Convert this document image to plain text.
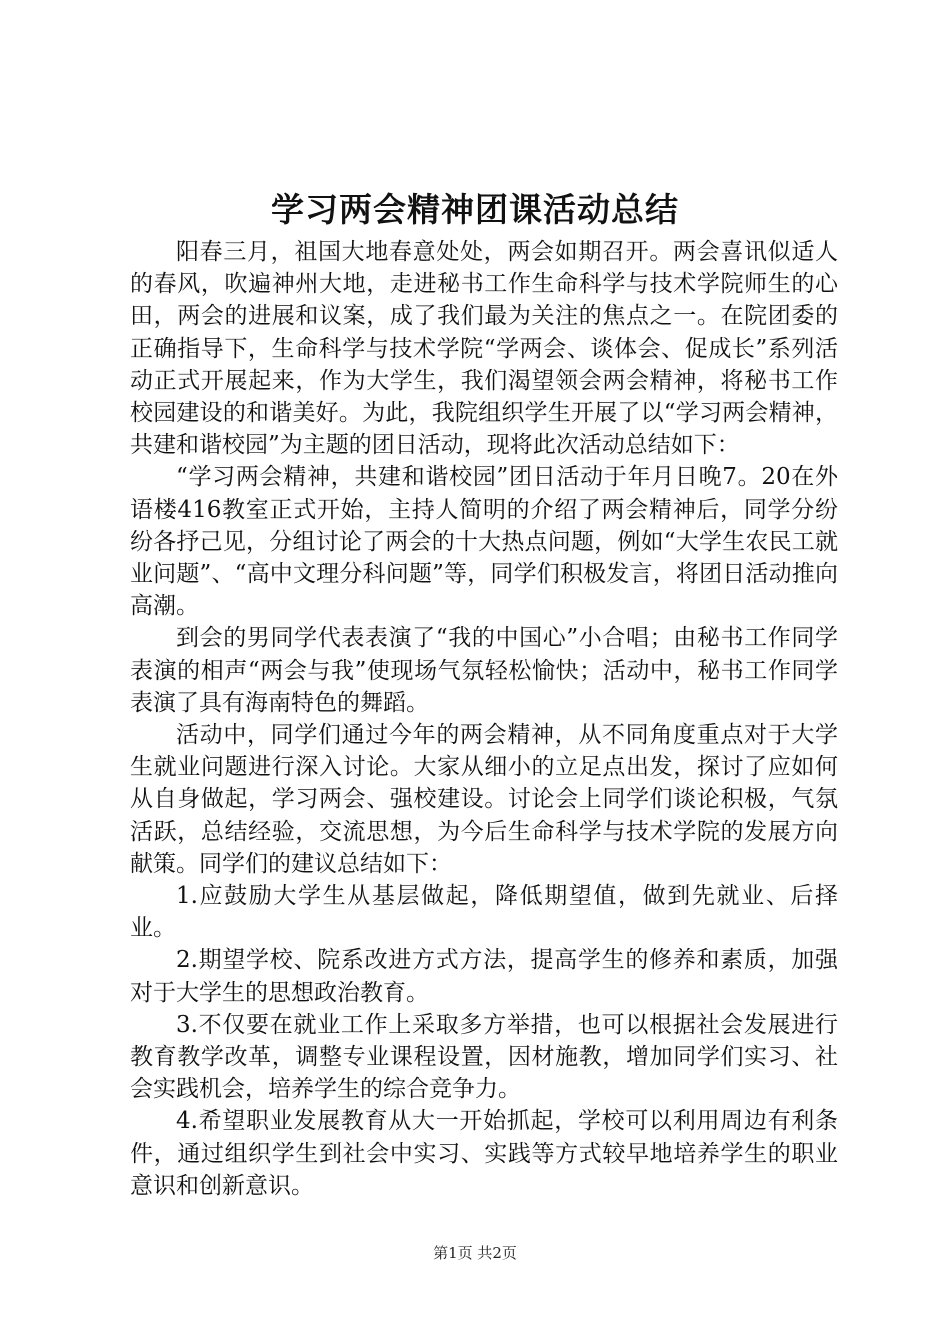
学习两会精神团课活动总结

阳春三月，祖国大地春意处处，两会如期召开。两会喜讯似适人的春风，吹遍神州大地，走进秘书工作生命科学与技术学院师生的心田，两会的进展和议案，成了我们最为关注的焦点之一。在院团委的正确指导下，生命科学与技术学院“学两会、谈体会、促成长”系列活动正式开展起来，作为大学生，我们渴望领会两会精神，将秘书工作校园建设的和谐美好。为此，我院组织学生开展了以“学习两会精神，共建和谐校园”为主题的团日活动，现将此次活动总结如下：

“学习两会精神，共建和谐校园”团日活动于年月日晚7。20在外语楼416教室正式开始，主持人简明的介绍了两会精神后，同学分纷纷各抒己见，分组讨论了两会的十大热点问题，例如“大学生农民工就业问题”、“高中文理分科问题”等，同学们积极发言，将团日活动推向高潮。

到会的男同学代表表演了“我的中国心”小合唱；由秘书工作同学表演的相声“两会与我”使现场气氛轻松愉快；活动中，秘书工作同学表演了具有海南特色的舞蹈。

活动中，同学们通过今年的两会精神，从不同角度重点对于大学生就业问题进行深入讨论。大家从细小的立足点出发，探讨了应如何从自身做起，学习两会、强校建设。讨论会上同学们谈论积极，气氛活跃，总结经验，交流思想，为今后生命科学与技术学院的发展方向献策。同学们的建议总结如下：

1.应鼓励大学生从基层做起，降低期望值，做到先就业、后择业。

2.期望学校、院系改进方式方法，提高学生的修养和素质，加强对于大学生的思想政治教育。

3.不仅要在就业工作上采取多方举措，也可以根据社会发展进行教育教学改革，调整专业课程设置，因材施教，增加同学们实习、社会实践机会，培养学生的综合竞争力。

4.希望职业发展教育从大一开始抓起，学校可以利用周边有利条件，通过组织学生到社会中实习、实践等方式较早地培养学生的职业意识和创新意识。

第1页 共2页
